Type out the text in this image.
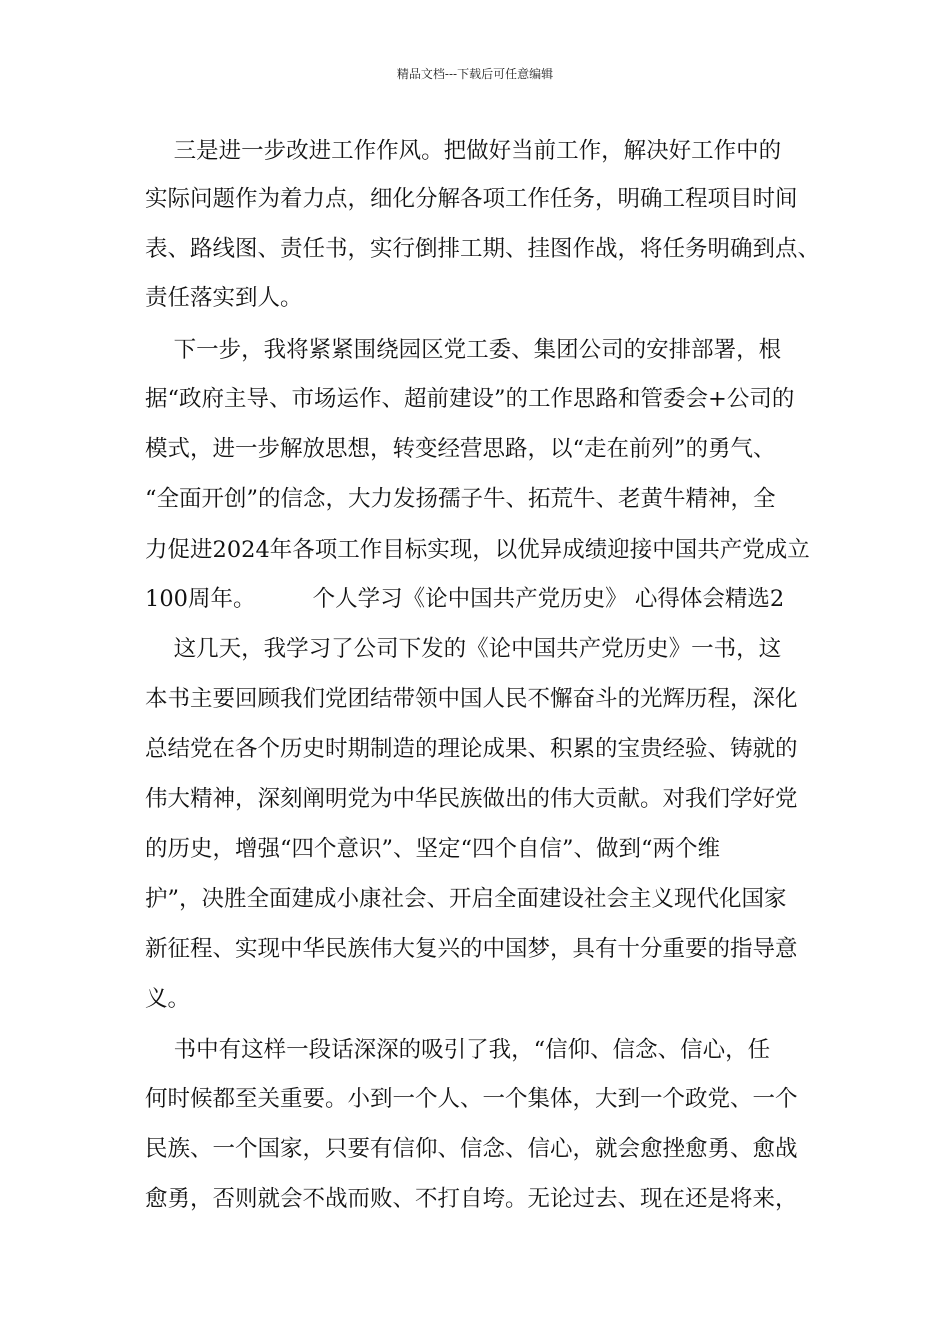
精品文档---下载后可任意编辑
三是进一步改进工作作风。把做好当前工作，解决好工作中的
实际问题作为着力点，细化分解各项工作任务，明确工程项目时间
表、路线图、责任书，实行倒排工期、挂图作战，将任务明确到点、
责任落实到人。
下一步，我将紧紧围绕园区党工委、集团公司的安排部署，根
据“政府主导、市场运作、超前建设”的工作思路和管委会+公司的
模式，进一步解放思想，转变经营思路，以“走在前列”的勇气、
“全面开创”的信念，大力发扬孺子牛、拓荒牛、老黄牛精神，全
力促进2024年各项工作目标实现，以优异成绩迎接中国共产党成立
100周年。        个人学习《论中国共产党历史》 心得体会精选2
这几天，我学习了公司下发的《论中国共产党历史》一书，这
本书主要回顾我们党团结带领中国人民不懈奋斗的光辉历程，深化
总结党在各个历史时期制造的理论成果、积累的宝贵经验、铸就的
伟大精神，深刻阐明党为中华民族做出的伟大贡献。对我们学好党
的历史，增强“四个意识”、坚定“四个自信”、做到“两个维
护”，决胜全面建成小康社会、开启全面建设社会主义现代化国家
新征程、实现中华民族伟大复兴的中国梦，具有十分重要的指导意
义。
书中有这样一段话深深的吸引了我，“信仰、信念、信心，任
何时候都至关重要。小到一个人、一个集体，大到一个政党、一个
民族、一个国家，只要有信仰、信念、信心，就会愈挫愈勇、愈战
愈勇，否则就会不战而败、不打自垮。无论过去、现在还是将来，
